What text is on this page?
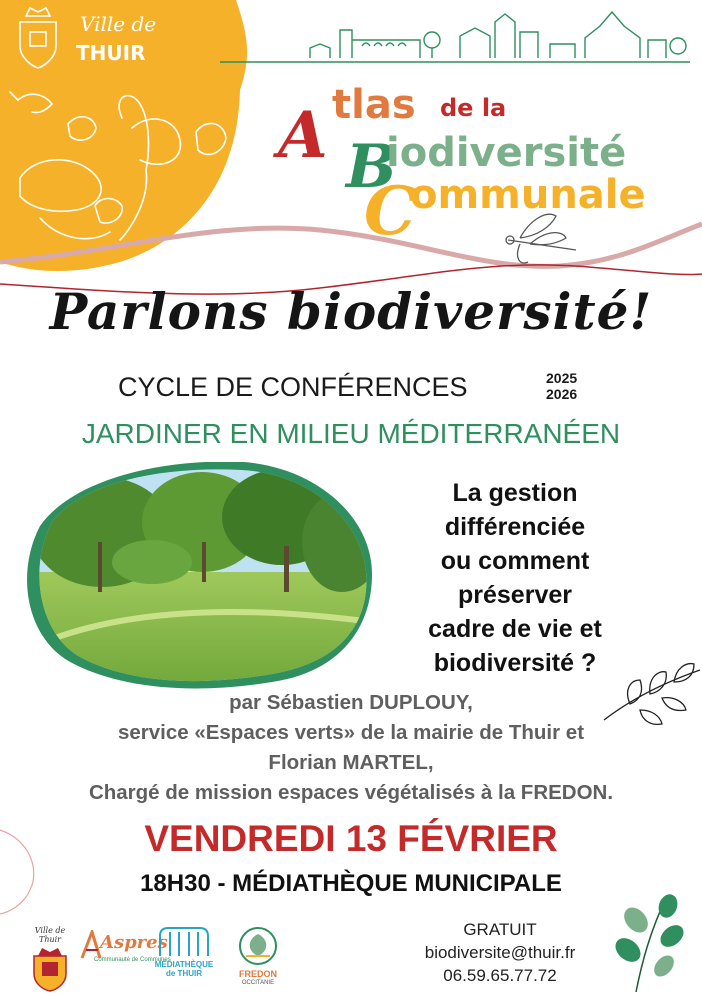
Ville de
THUIR
A tlas de la
B
iodiversité
C
ommunale
Parlons biodiversité!
CYCLE DE CONFÉRENCES	2025
2026
JARDINER EN MILIEU MÉDITERRANÉEN
La gestion
différenciée
ou comment
préserver
cadre de vie et
biodiversité ?
par Sébastien DUPLOUY,
service «Espaces verts» de la mairie de Thuir et
Florian MARTEL,
Chargé de mission espaces végétalisés à la FREDON.
VENDREDI 13 FÉVRIER
18H30 - MÉDIATHÈQUE MUNICIPALE
Ville de Thuir	Aspres
Communauté de Communes
MÉDIATHÈQUE
de THUIR	FREDON
OCCITANIE
GRATUIT
biodiversite@thuir.fr
06.59.65.77.72
